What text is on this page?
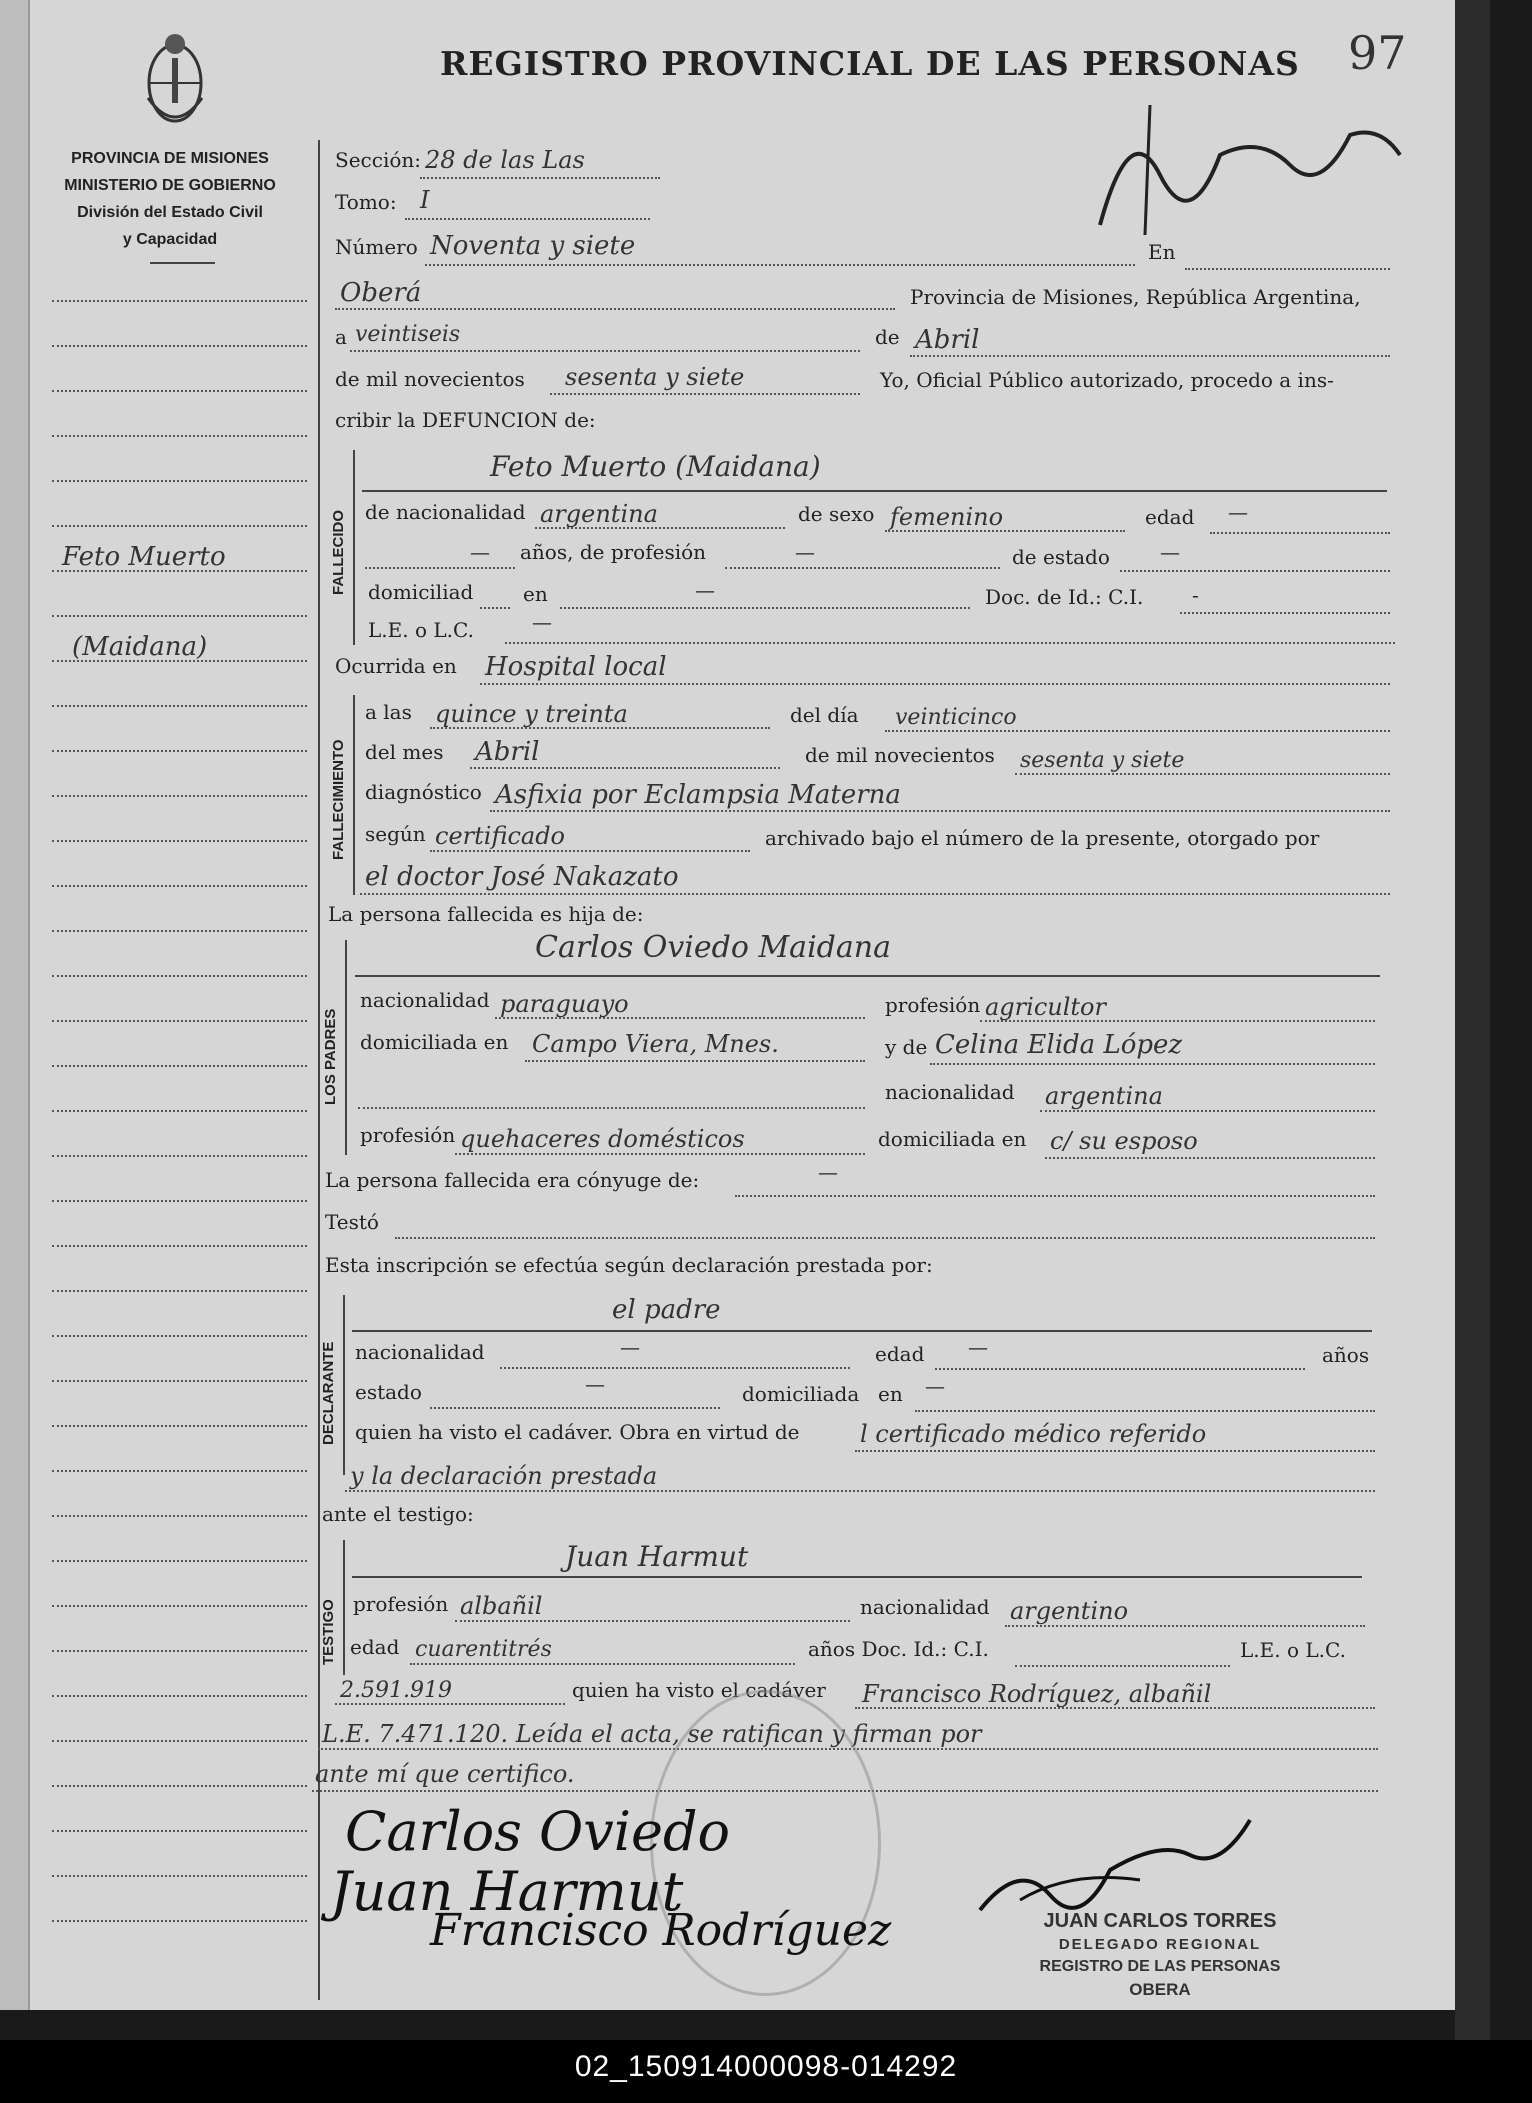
REGISTRO PROVINCIAL DE LAS PERSONAS 97
PROVINCIA DE MISIONES
MINISTERIO DE GOBIERNO
División del Estado Civil
y Capacidad
Feto Muerto
(Maidana)
Sección: 28 de las Las
Tomo: I
Número Noventa y siete	En
Oberá	Provincia de Misiones, República Argentina,
a veintiseis	de Abril
de mil novecientos sesenta y siete	Yo, Oficial Público autorizado, procedo a ins-
cribir la DEFUNCION de:
FALLECIDO
Feto Muerto (Maidana)
de nacionalidad argentina	de sexo femenino	edad —
— años, de profesión	—	de estado	—
domiciliad en	—	Doc. de Id.: C.I. -
L.E. o L.C.	—
Ocurrida en Hospital local
FALLECIMIENTO
a las quince y treinta	del día veinticinco
del mes Abril	de mil novecientos sesenta y siete
diagnóstico Asfixia por Eclampsia Materna
según certificado	archivado bajo el número de la presente, otorgado por
el doctor José Nakazato
La persona fallecida es hija de:
LOS PADRES
Carlos Oviedo Maidana
nacionalidad paraguayo	profesión agricultor
domiciliada en Campo Viera, Mnes.	y de Celina Elida López
nacionalidad argentina
profesión quehaceres domésticos	domiciliada en c/ su esposo
La persona fallecida era cónyuge de:	—
Testó
Esta inscripción se efectúa según declaración prestada por:
DECLARANTE
el padre
nacionalidad	—	edad —	años
estado	—	domiciliada en —
quien ha visto el cadáver. Obra en virtud de	l certificado médico referido
y la declaración prestada
ante el testigo:
TESTIGO
Juan Harmut
profesión albañil	nacionalidad argentino
edad cuarentitrés	años Doc. Id.: C.I.	L.E. o L.C.
2.591.919	quien ha visto el cadáver Francisco Rodríguez, albañil
L.E. 7.471.120. Leída el acta, se ratifican y firman por
ante mí que certifico.
Carlos Oviedo
Juan Harmut
Francisco Rodríguez	JUAN CARLOS TORRES
DELEGADO REGIONAL
REGISTRO DE LAS PERSONAS
OBERA
02_150914000098-014292
